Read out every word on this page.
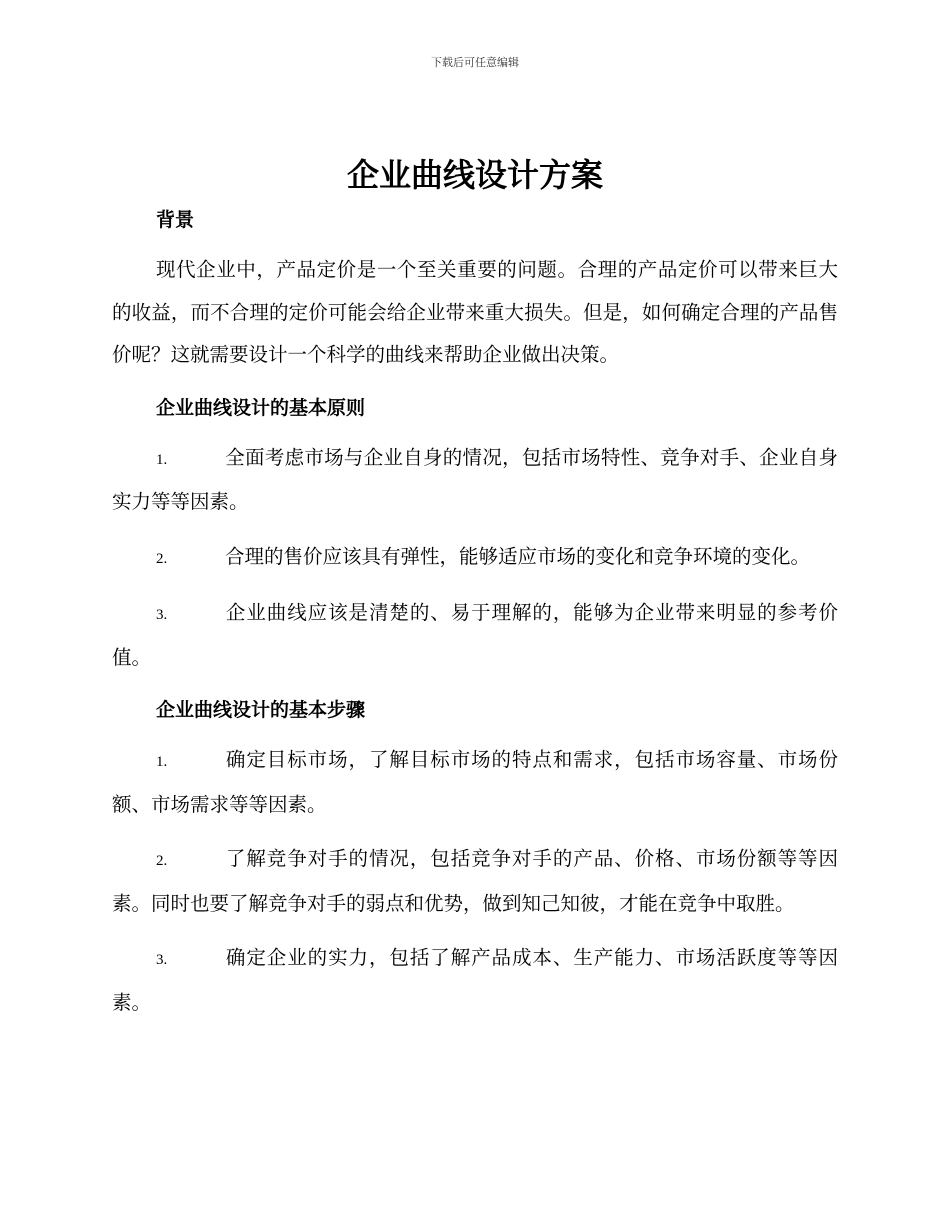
下载后可任意编辑
企业曲线设计方案

背景

现代企业中，产品定价是一个至关重要的问题。合理的产品定价可以带来巨大的收益，而不合理的定价可能会给企业带来重大损失。但是，如何确定合理的产品售价呢？这就需要设计一个科学的曲线来帮助企业做出决策。

企业曲线设计的基本原则

1.	全面考虑市场与企业自身的情况，包括市场特性、竞争对手、企业自身实力等等因素。

2.	合理的售价应该具有弹性，能够适应市场的变化和竞争环境的变化。

3.	企业曲线应该是清楚的、易于理解的，能够为企业带来明显的参考价值。

企业曲线设计的基本步骤

1.	确定目标市场，了解目标市场的特点和需求，包括市场容量、市场份额、市场需求等等因素。

2.	了解竞争对手的情况，包括竞争对手的产品、价格、市场份额等等因素。同时也要了解竞争对手的弱点和优势，做到知己知彼，才能在竞争中取胜。

3.	确定企业的实力，包括了解产品成本、生产能力、市场活跃度等等因素。
